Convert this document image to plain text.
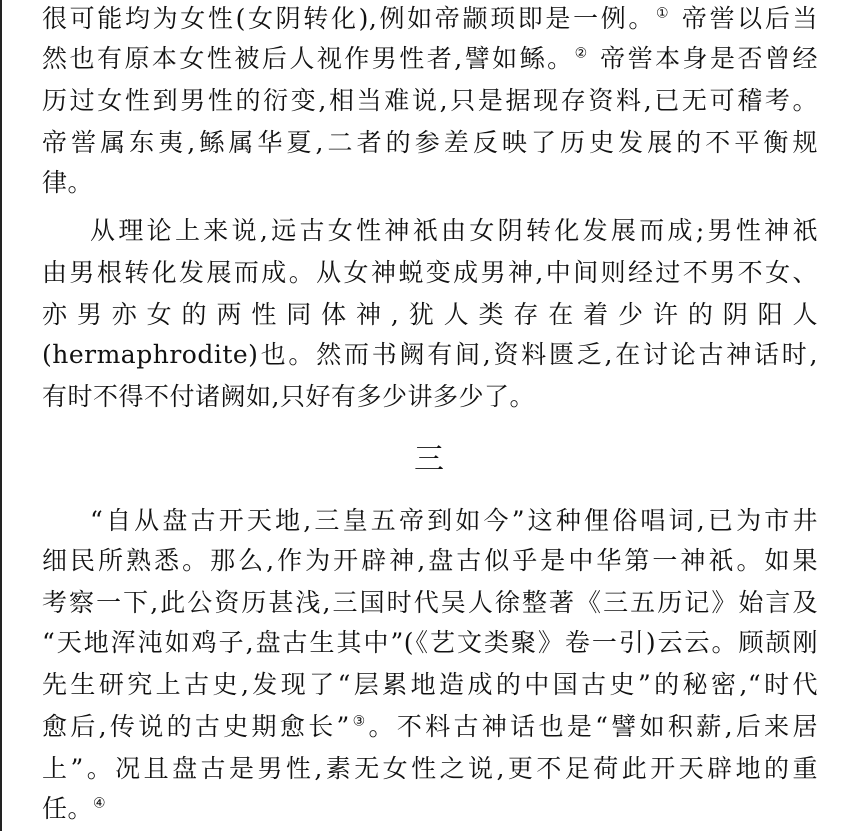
很可能均为女性(女阴转化),例如帝颛顼即是一例。① 帝喾以后当
然也有原本女性被后人视作男性者,譬如鲧。② 帝喾本身是否曾经
历过女性到男性的衍变,相当难说,只是据现存资料,已无可稽考。
帝喾属东夷,鲧属华夏,二者的参差反映了历史发展的不平衡规
律。
从理论上来说,远古女性神祇由女阴转化发展而成;男性神祇
由男根转化发展而成。从女神蜕变成男神,中间则经过不男不女、
亦男亦女的两性同体神,犹人类存在着少许的阴阳人
(hermaphrodite)也。然而书阙有间,资料匮乏,在讨论古神话时,
有时不得不付诸阙如,只好有多少讲多少了。
三
“自从盘古开天地,三皇五帝到如今”这种俚俗唱词,已为市井
细民所熟悉。那么,作为开辟神,盘古似乎是中华第一神祇。如果
考察一下,此公资历甚浅,三国时代吴人徐整著《三五历记》始言及
“天地浑沌如鸡子,盘古生其中”(《艺文类聚》卷一引)云云。顾颉刚
先生研究上古史,发现了“层累地造成的中国古史”的秘密,“时代
愈后,传说的古史期愈长”③。不料古神话也是“譬如积薪,后来居
上”。况且盘古是男性,素无女性之说,更不足荷此开天辟地的重
任。④
